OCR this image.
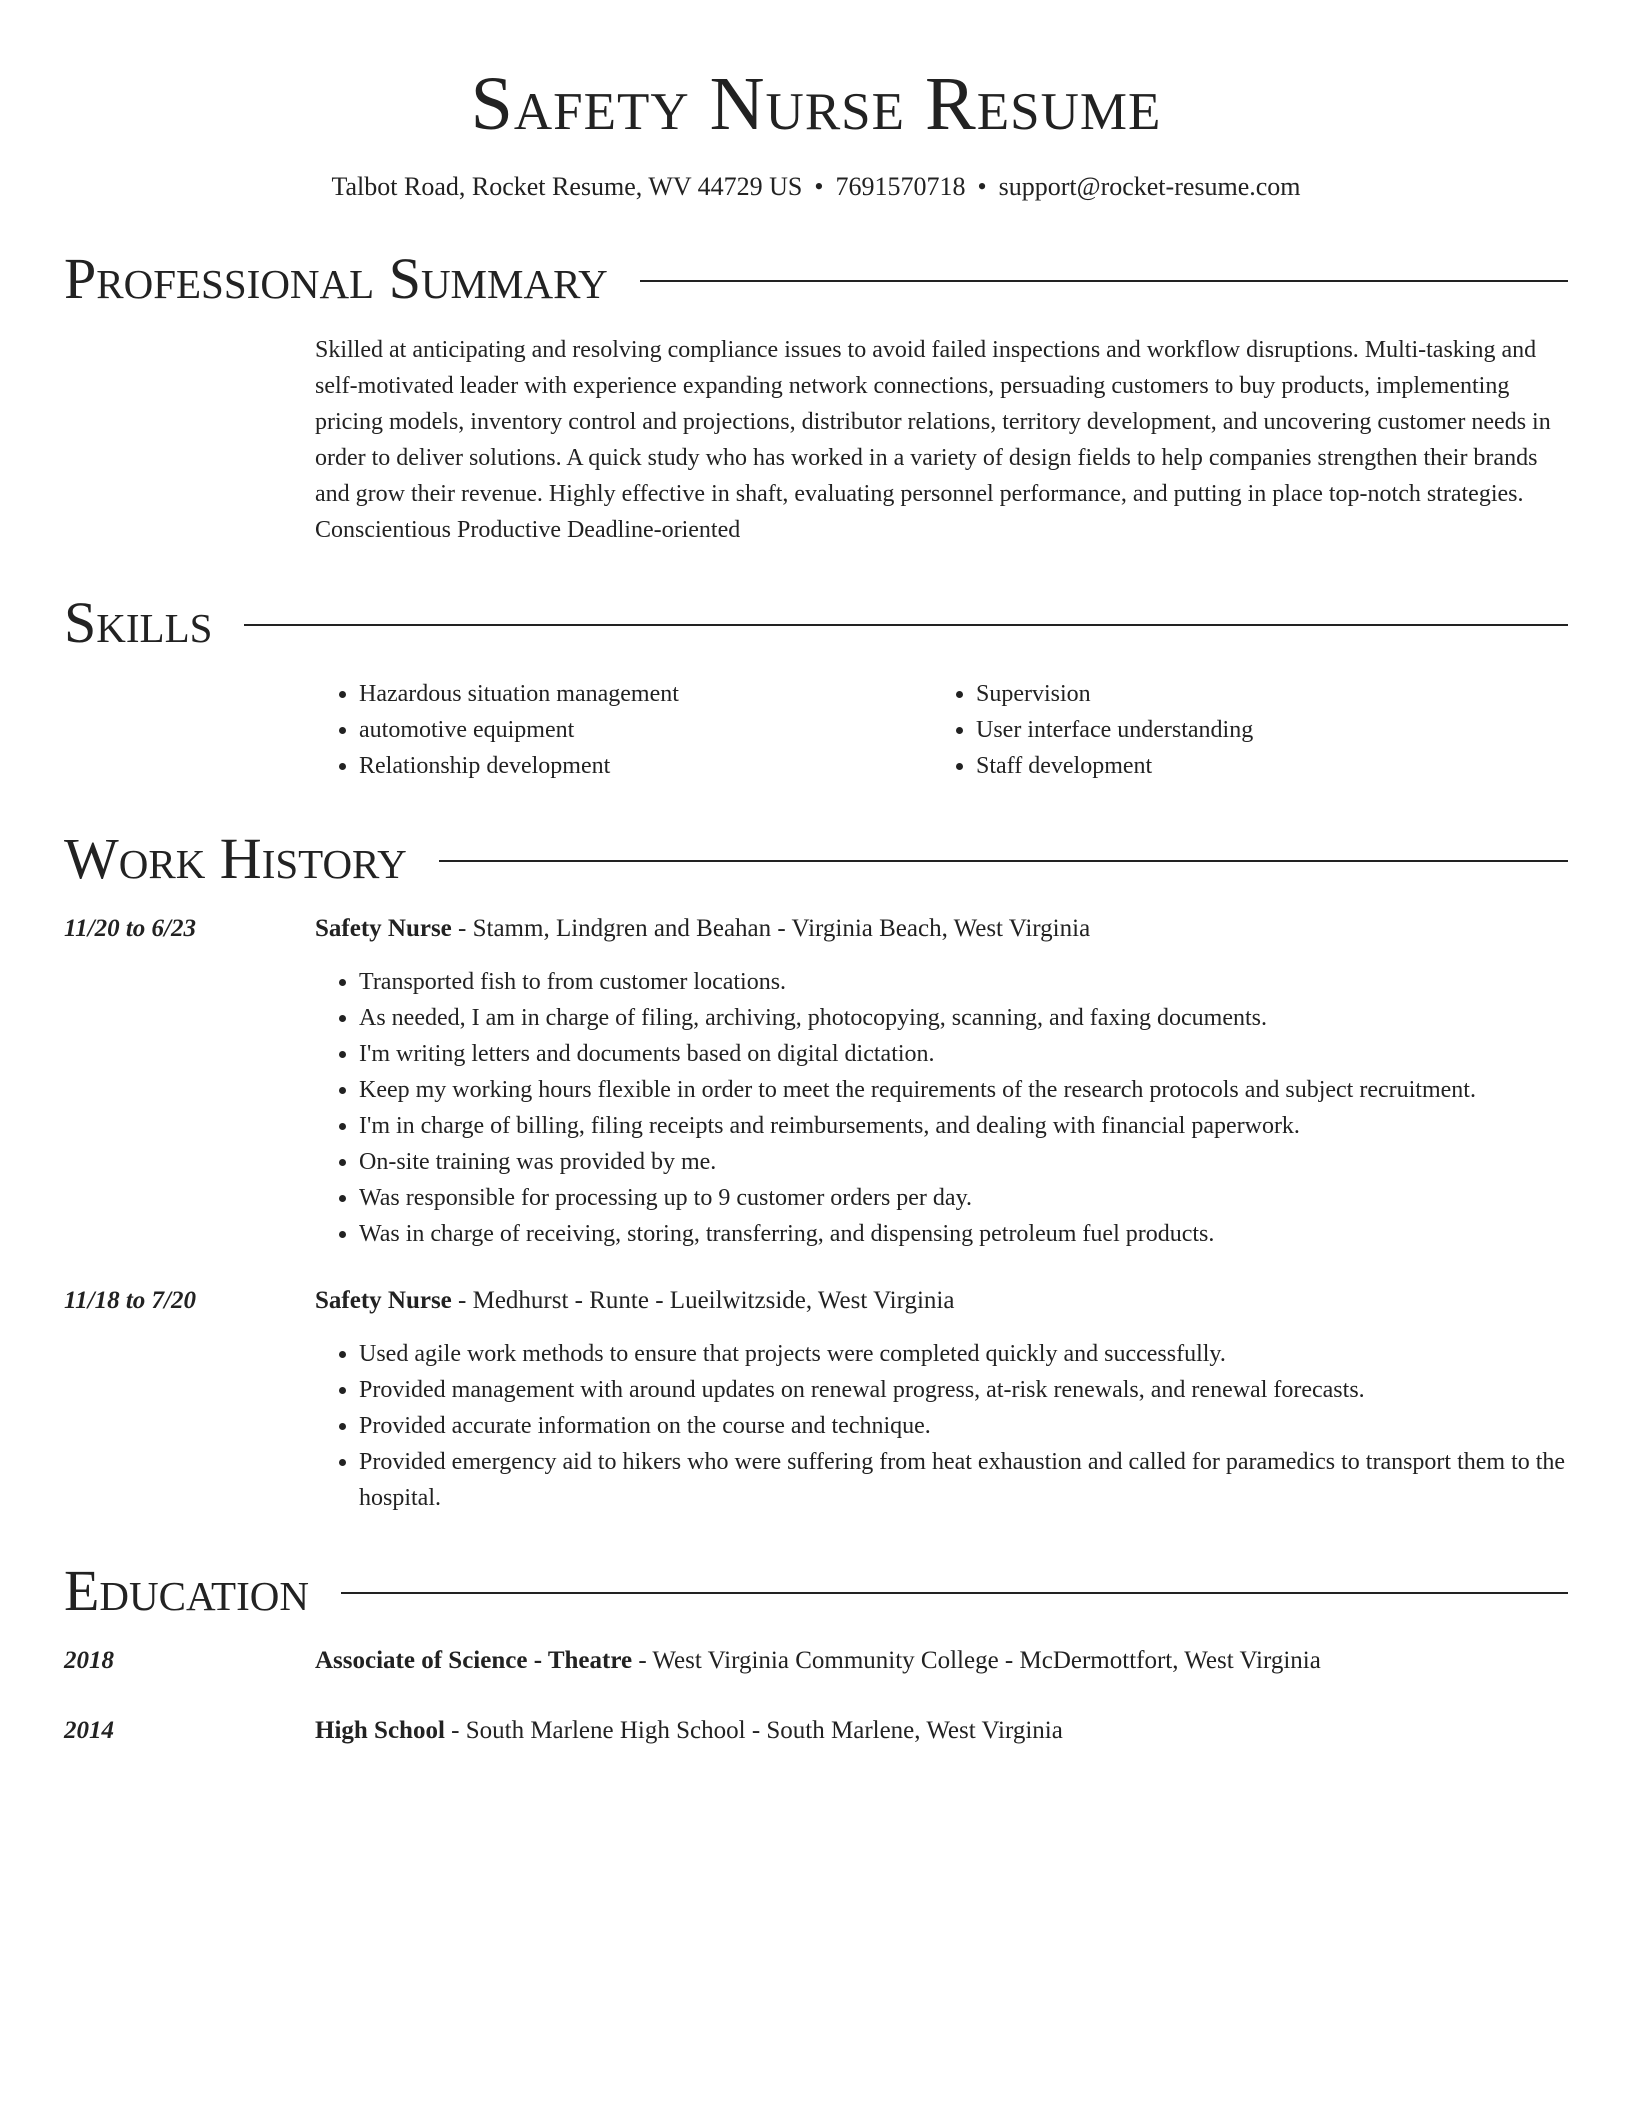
Safety Nurse Resume
Talbot Road, Rocket Resume, WV 44729 US • 7691570718 • support@rocket-resume.com
Professional Summary

Skilled at anticipating and resolving compliance issues to avoid failed inspections and workflow disruptions. Multi-tasking and self-motivated leader with experience expanding network connections, persuading customers to buy products, implementing pricing models, inventory control and projections, distributor relations, territory development, and uncovering customer needs in order to deliver solutions. A quick study who has worked in a variety of design fields to help companies strengthen their brands and grow their revenue. Highly effective in shaft, evaluating personnel performance, and putting in place top-notch strategies. Conscientious Productive Deadline-oriented

Skills
• Hazardous situation management
• automotive equipment
• Relationship development
• Supervision
• User interface understanding
• Staff development
Work History
11/20 to 6/23	Safety Nurse - Stamm, Lindgren and Beahan - Virginia Beach, West Virginia
• Transported fish to from customer locations.
• As needed, I am in charge of filing, archiving, photocopying, scanning, and faxing documents.
• I'm writing letters and documents based on digital dictation.
• Keep my working hours flexible in order to meet the requirements of the research protocols and subject recruitment.
• I'm in charge of billing, filing receipts and reimbursements, and dealing with financial paperwork.
• On-site training was provided by me.
• Was responsible for processing up to 9 customer orders per day.
• Was in charge of receiving, storing, transferring, and dispensing petroleum fuel products.
11/18 to 7/20	Safety Nurse - Medhurst - Runte - Lueilwitzside, West Virginia
• Used agile work methods to ensure that projects were completed quickly and successfully.
• Provided management with around updates on renewal progress, at-risk renewals, and renewal forecasts.
• Provided accurate information on the course and technique.
• Provided emergency aid to hikers who were suffering from heat exhaustion and called for paramedics to transport them to the hospital.
Education
2018	Associate of Science - Theatre - West Virginia Community College - McDermottfort, West Virginia
2014	High School - South Marlene High School - South Marlene, West Virginia
